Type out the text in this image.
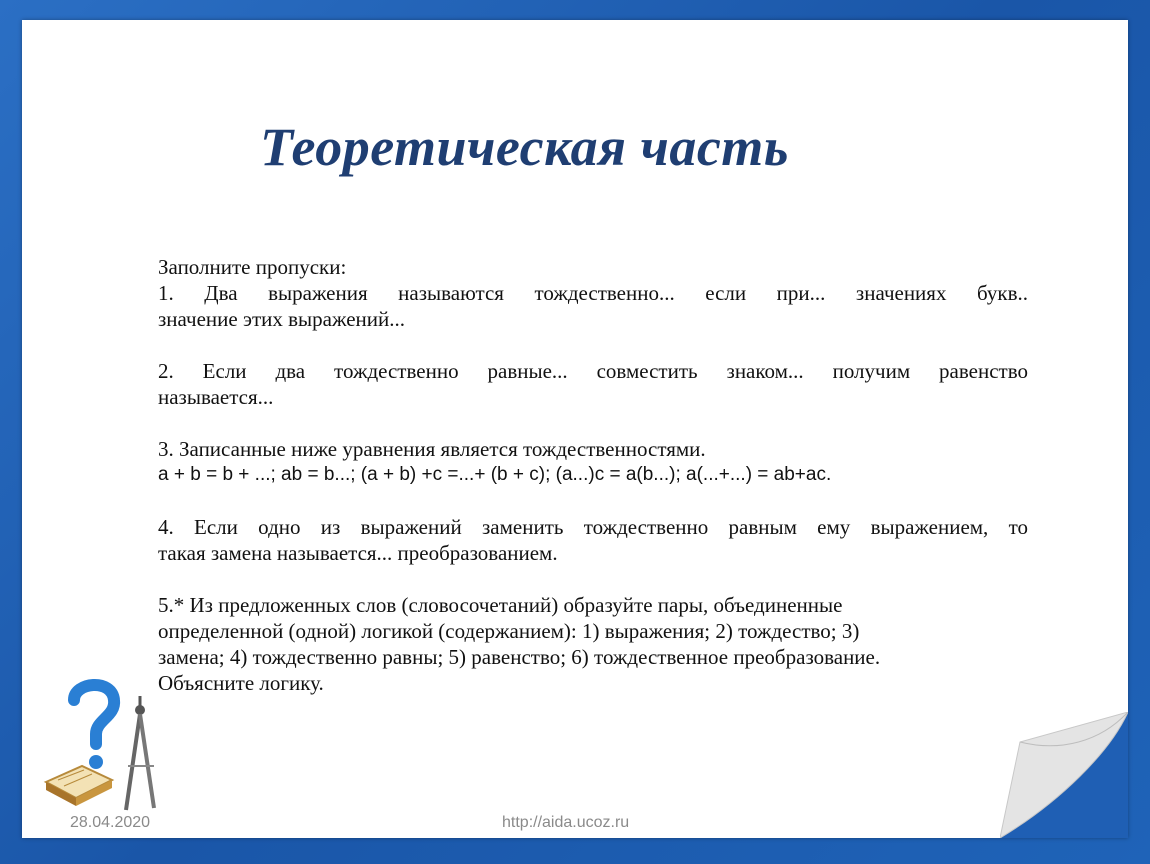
Теоретическая часть

Заполните пропуски:

1. Два выражения называются тождественно... если при... значениях букв..

значение этих выражений...

2. Если два тождественно равные... совместить знаком... получим равенство

называется...

3. Записанные ниже уравнения является тождественностями.

a + b = b + ...; ab = b...; (a + b) +c =...+ (b + c); (a...)c = a(b...); a(...+...) = ab+ac.

4. Если одно из выражений заменить тождественно равным ему выражением, то

такая замена называется... преобразованием.

5.* Из предложенных слов (словосочетаний) образуйте пары, объединенные

определенной (одной) логикой (содержанием): 1) выражения; 2) тождество; 3)

замена; 4) тождественно равны; 5) равенство; 6) тождественное преобразование.

Объясните логику.

28.04.2020	http://aida.ucoz.ru
